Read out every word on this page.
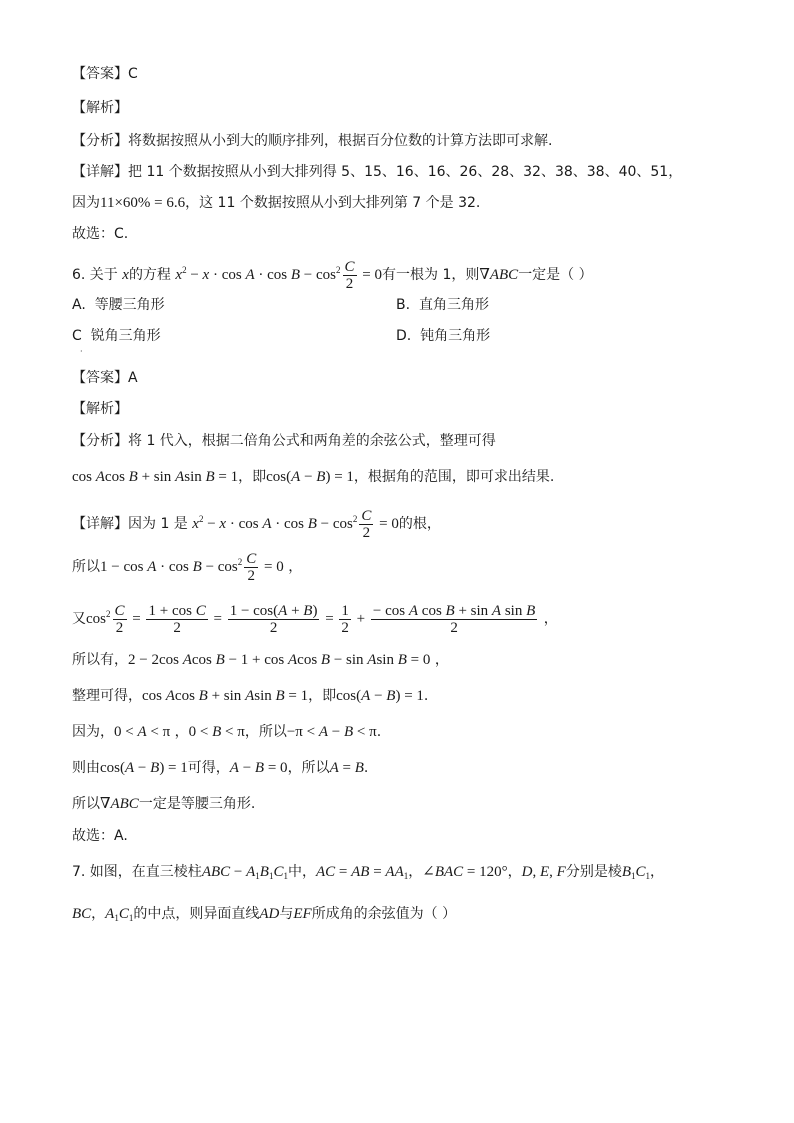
【答案】C
【解析】
【分析】将数据按照从小到大的顺序排列，根据百分位数的计算方法即可求解.
【详解】把 11 个数据按照从小到大排列得 5、15、16、16、26、28、32、38、38、40、51，
因为11×60% = 6.6，这 11 个数据按照从小到大排列第 7 个是 32.
故选：C.
6. 关于 x的方程 $x^2 - x \cdot \cos A \cdot \cos B - \cos^2 \frac{C}{2} = 0$有一根为 1，则∇ABC一定是（ ）
A. 等腰三角形	B. 直角三角形
C 锐角三角形
·
D. 钝角三角形
【答案】A
【解析】
【分析】将 1 代入，根据二倍角公式和两角差的余弦公式，整理可得
cos Acos B + sin Asin B = 1，即cos(A − B) = 1，根据角的范围，即可求出结果.
【详解】因为 1 是 $x^2 - x \cdot \cos A \cdot \cos B - \cos^2 \frac{C}{2} = 0$的根，
所以$1 - \cos A \cdot \cos B - \cos^2 \frac{C}{2} = 0$ ，
又$\cos^2 \frac{C}{2} = \frac{\text{1 + cos C}}{2} = \frac{1 - \cos(A + B)}{2} = \frac{1}{2} + \frac{\text{− cos A cos B + sin A sin B}}{2}$ ，
所以有，2 − 2cos Acos B − 1 + cos Acos B − sin Asin B = 0 ，
整理可得，cos Acos B + sin Asin B = 1，即cos(A − B) = 1.
因为，0 < A < π ，0 < B < π，所以−π < A − B < π.
则由cos(A − B) = 1可得，A − B = 0，所以A = B.
所以∇ABC一定是等腰三角形.
故选：A.
7. 如图，在直三棱柱ABC − $A_1B_1C_1$中，AC = AB = $AA_1$，∠BAC = 120°，D, E, F分别是棱$B_1C_1$，
BC，$A_1C_1$的中点，则异面直线AD与EF所成角的余弦值为（ ）
